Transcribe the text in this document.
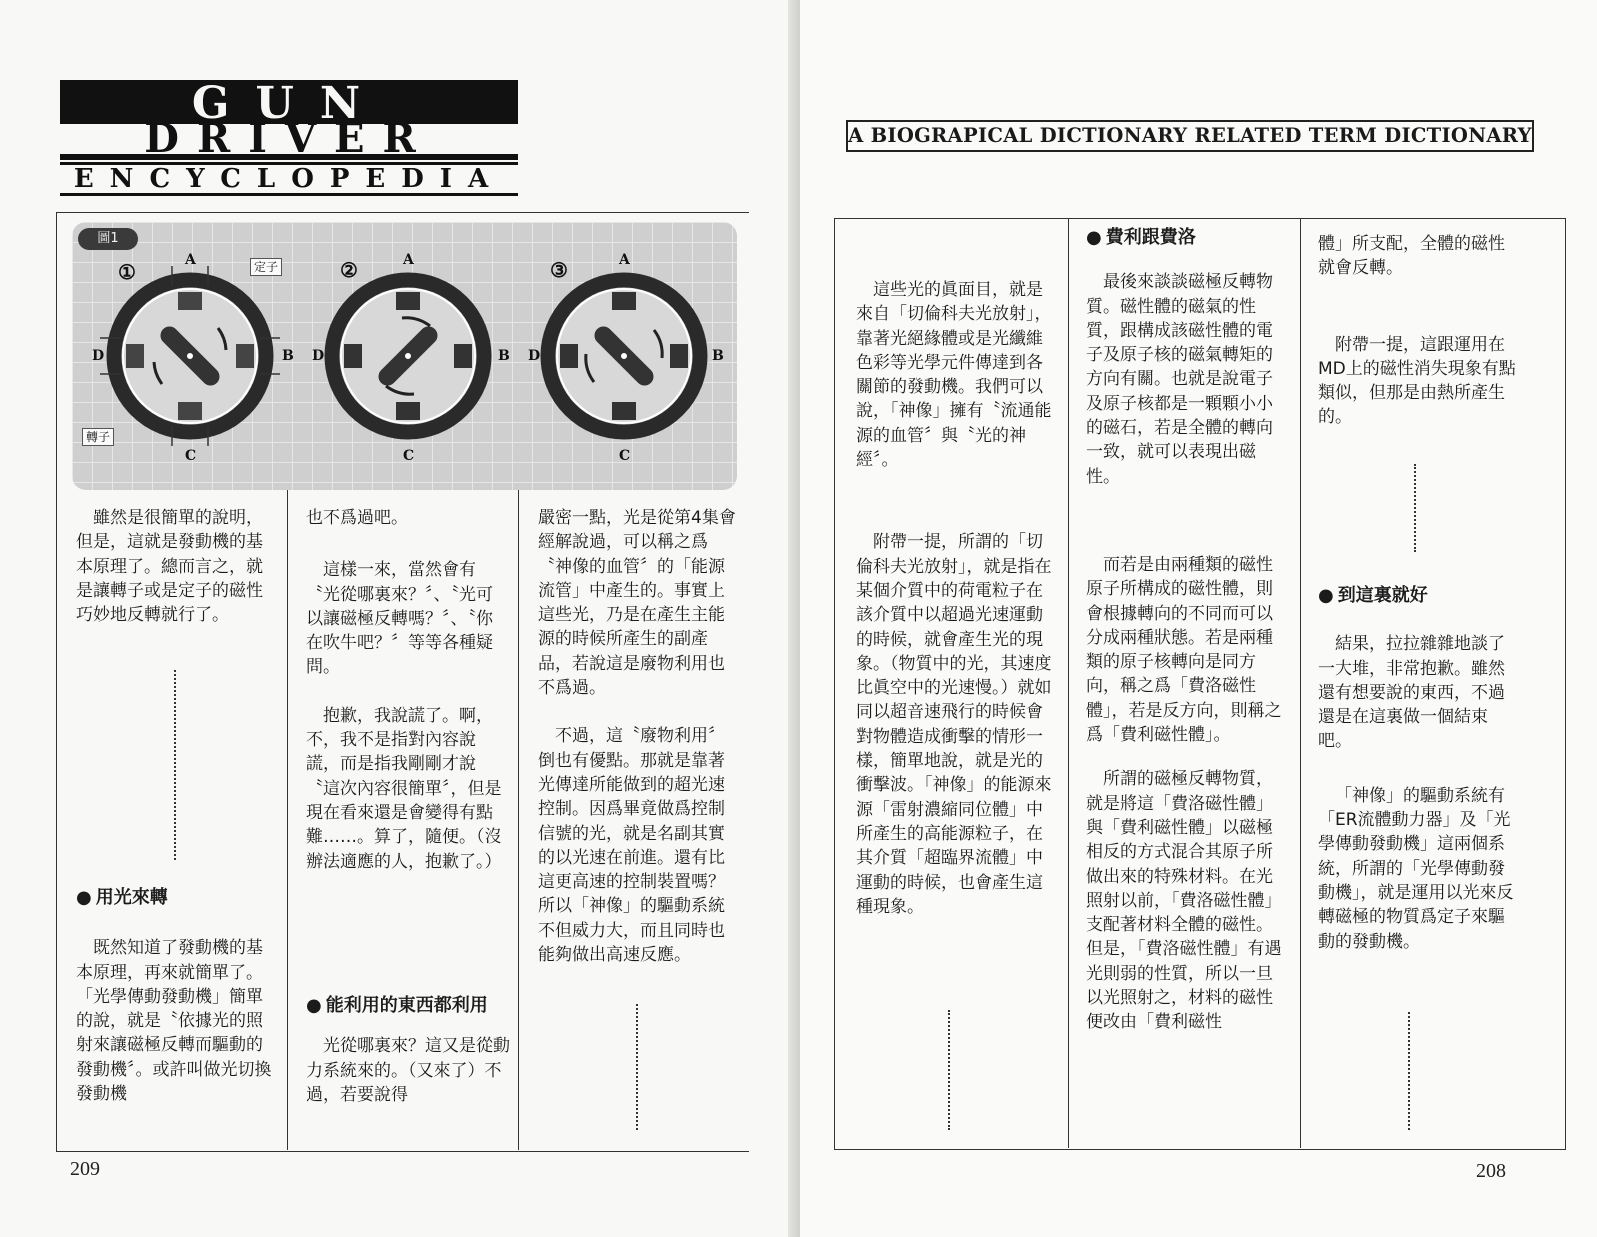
GUN
DRIVER
ENCYCLOPEDIA
圖1
①	②	③
A
C
D	B
A
C
D	B
A
C
D	B
定子
轉子

雖然是很簡單的說明，但是，這就是發動機的基本原理了。總而言之，就是讓轉子或是定子的磁性巧妙地反轉就行了。

● 用光來轉

既然知道了發動機的基本原理，再來就簡單了。「光學傳動發動機」簡單的說，就是〝依據光的照射來讓磁極反轉而驅動的發動機〞。或許叫做光切換發動機

也不爲過吧。

這樣一來，當然會有〝光從哪裏來？〞、〝光可以讓磁極反轉嗎？〞、〝你在吹牛吧？〞等等各種疑問。

抱歉，我說謊了。啊，不，我不是指對內容說謊，而是指我剛剛才說〝這次內容很簡單〞，但是現在看來還是會變得有點難……。算了，隨便。（沒辦法適應的人，抱歉了。）

● 能利用的東西都利用

光從哪裏來？這又是從動力系統來的。（又來了）不過，若要說得

嚴密一點，光是從第4集會經解說過，可以稱之爲〝神像的血管〞的「能源流管」中產生的。事實上這些光，乃是在產生主能源的時候所產生的副產品，若說這是廢物利用也不爲過。

不過，這〝廢物利用〞倒也有優點。那就是靠著光傳達所能做到的超光速控制。因爲畢竟做爲控制信號的光，就是名副其實的以光速在前進。還有比這更高速的控制裝置嗎？所以「神像」的驅動系統不但威力大，而且同時也能夠做出高速反應。

209
A BIOGRAPICAL DICTIONARY RELATED TERM DICTIONARY

這些光的眞面目，就是來自「切倫科夫光放射」，靠著光絕緣體或是光纖維色彩等光學元件傳達到各關節的發動機。我們可以說，「神像」擁有〝流通能源的血管〞與〝光的神經〞。

附帶一提，所謂的「切倫科夫光放射」，就是指在某個介質中的荷電粒子在該介質中以超過光速運動的時候，就會產生光的現象。（物質中的光，其速度比眞空中的光速慢。）就如同以超音速飛行的時候會對物體造成衝擊的情形一樣，簡單地說，就是光的衝擊波。「神像」的能源來源「雷射濃縮同位體」中所產生的高能源粒子，在其介質「超臨界流體」中運動的時候，也會產生這種現象。

● 費利跟費洛

最後來談談磁極反轉物質。磁性體的磁氣的性質，跟構成該磁性體的電子及原子核的磁氣轉矩的方向有關。也就是說電子及原子核都是一顆顆小小的磁石，若是全體的轉向一致，就可以表現出磁性。

而若是由兩種類的磁性原子所構成的磁性體，則會根據轉向的不同而可以分成兩種狀態。若是兩種類的原子核轉向是同方向，稱之爲「費洛磁性體」，若是反方向，則稱之爲「費利磁性體」。

所謂的磁極反轉物質，就是將這「費洛磁性體」與「費利磁性體」以磁極相反的方式混合其原子所做出來的特殊材料。在光照射以前，「費洛磁性體」支配著材料全體的磁性。但是，「費洛磁性體」有遇光則弱的性質，所以一旦以光照射之，材料的磁性便改由「費利磁性

體」所支配，全體的磁性就會反轉。

附帶一提，這跟運用在MD上的磁性消失現象有點類似，但那是由熱所產生的。

● 到這裏就好

結果，拉拉雜雜地談了一大堆，非常抱歉。雖然還有想要說的東西，不過還是在這裏做一個結束吧。

「神像」的驅動系統有「ER流體動力器」及「光學傳動發動機」這兩個系統，所謂的「光學傳動發動機」，就是運用以光來反轉磁極的物質爲定子來驅動的發動機。

208
